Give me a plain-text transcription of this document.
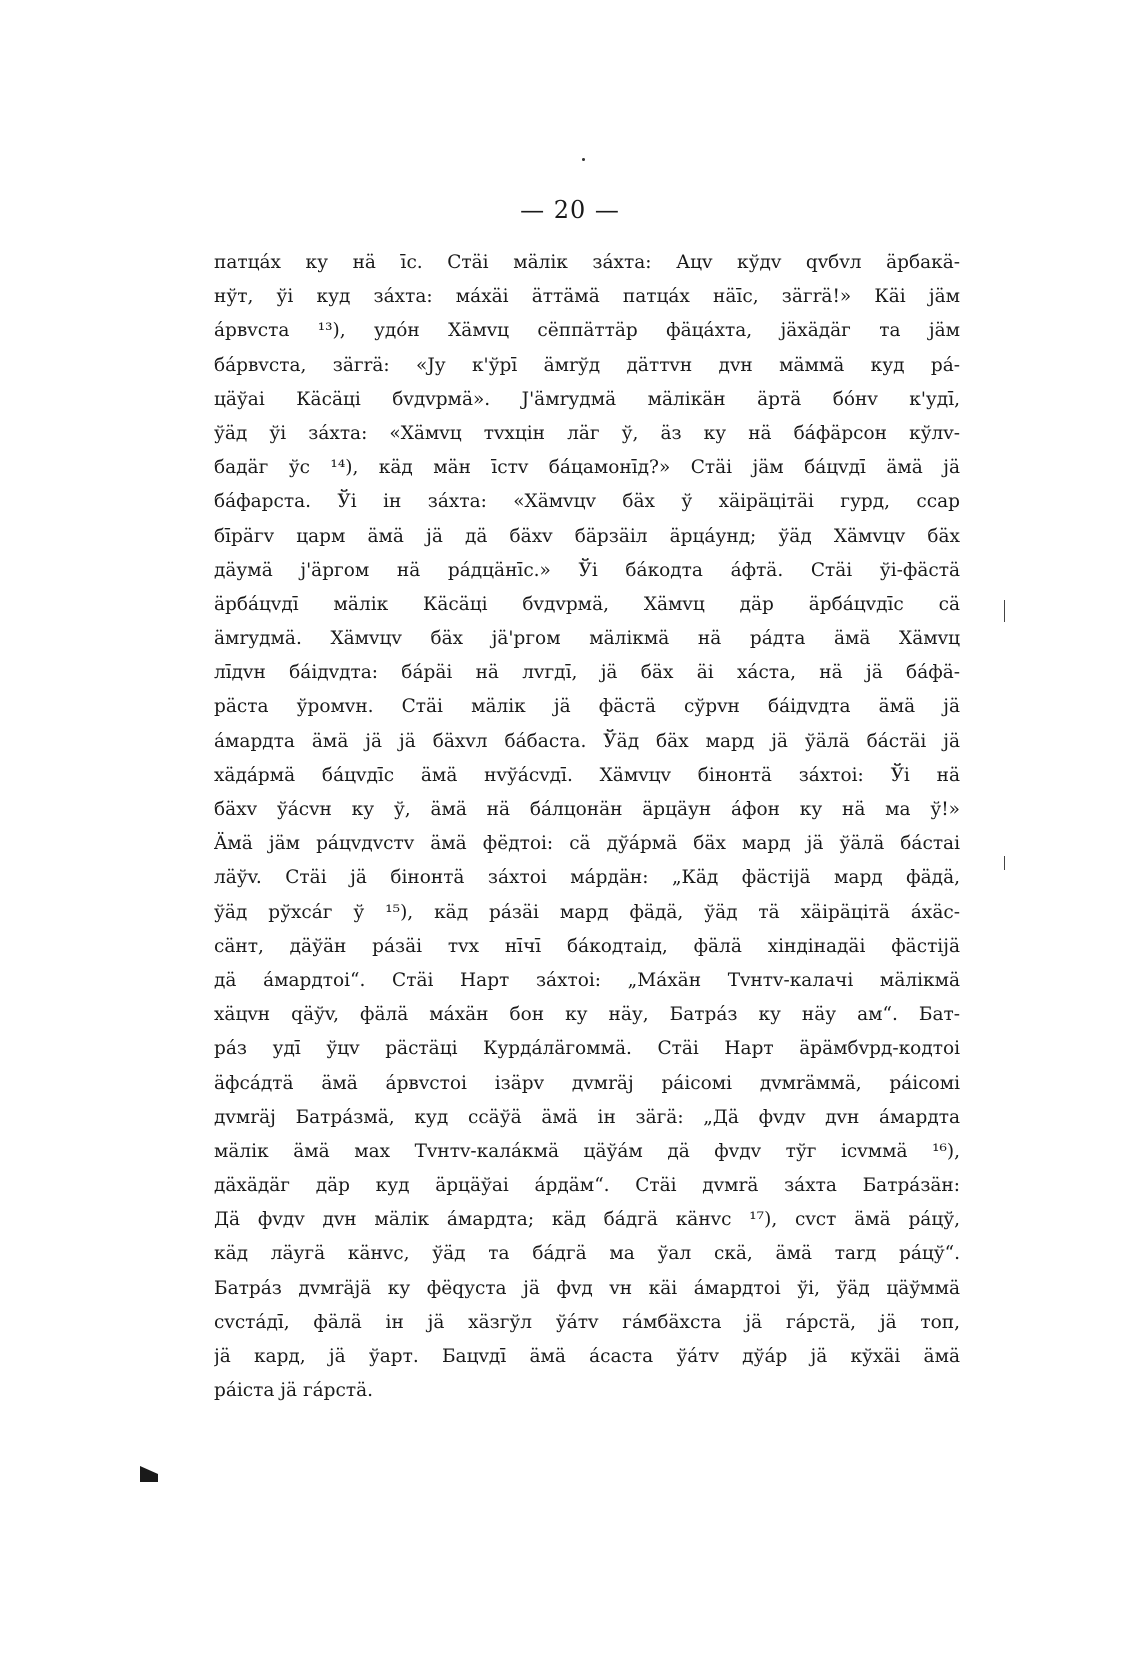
— 20 —
патцáх ку нä īс. Стäi мäлiк зáхта: Ацv кўдv qvбvл äрбакä-
нўт, ўi куд зáхта: мáхäi äттäмä патцáх нäīс, зäгrä!» Кäi jäм
áрвvста ¹³), удóн Хäмvц сёппäттäр фäцáхта, jäхäдäг та jäм
бáрвvста, зäгrä: «Jу к'ўрī äмrўд дäттvн дvн мäммä куд рá-
цäўai Кäсäцi бvдvрмä». J'äмrудмä мäлiкäн äртä бóнv к'удī,
ўäд ўi зáхта: «Хäмvц тvхцiн лäг ў, äз ку нä бáфäрсон кўлv-
бадäг ўс ¹⁴), кäд мäн īстv бáцамонīд?» Стäi jäм бáцvдī äмä jä
бáфарста. Ўi iн зáхта: «Хäмvцv бäх ў хäiрäцiтäi гурд, ссар
бīрäгv царм äмä jä дä бäхv бäрзäiл äрцáунд; ўäд Хäмvцv бäх
дäумä j'äргом нä рáдцäнīс.» Ўi бáкодта áфтä. Стäi ўi-фäстä
äрбáцvдī мäлiк Кäсäцi бvдvрмä, Хäмvц дäр äрбáцvдīс сä
äмrудмä. Хäмvцv бäх jä'ргом мäлiкмä нä рáдта äмä Хäмvц
лīдvн бáiдvдта: бáрäi нä лvгдī, jä бäх äi хáста, нä jä бáфä-
рäста ўромvн. Стäi мäлiк jä фäстä сўрvн бáiдvдта äмä jä
áмардта äмä jä jä бäхvл бáбаста. Ўäд бäх мард jä ўäлä бáстäi jä
хäдáрмä бáцvдīс äмä нvўáсvдī. Хäмvцv бiнонтä зáхтоi: Ўi нä
бäхv ўáсvн ку ў, äмä нä бáлцонäн äрцäун áфон ку нä ма ў!»
Äмä jäм рáцvдvстv äмä фёдтоi: сä дўáрмä бäх мард jä ўäлä бáстаi
лäўv. Стäi jä бiнонтä зáхтоi мáрдäн: „Кäд фäстijä мард фäдä,
ўäд рўхсáг ў ¹⁵), кäд рáзäi мард фäдä, ўäд тä хäiрäцiтä áхäс-
сäнт, дäўäн рáзäi тvх нīчī бáкодтаiд, фäлä хiндiнадäi фäстijä
дä áмардтоi“. Стäi Нарт зáхтоi: „Мáхäн Тvнтv-калачi мäлiкмä
хäцvн qäўv, фäлä мáхäн бон ку нäу, Батрáз ку нäу ам“. Бат-
рáз удī ўцv рäстäцi Курдáлäгоммä. Стäi Нарт äрäмбvрд-кодтоi
äфсáдтä äмä áрвvстоi iзäрv дvмräj рáiсомi дvмräммä, рáiсомi
дvмräj Батрáзмä, куд ссäўä äмä iн зäгä: „Дä фvдv дvн áмардта
мäлiк äмä мах Тvнтv-калáкмä цäўáм дä фvдv тўг iсvммä ¹⁶),
дäхäдäг дäр куд äрцäўai áрдäм“. Стäi дvмrä зáхта Батрáзäн:
Дä фvдv дvн мäлiк áмардта; кäд бáдгä кäнvс ¹⁷), сvст äмä рáцў,
кäд лäугä кäнvс, ўäд та бáдгä ма ўал скä, äмä таrд рáцў“.
Батрáз дvмräjä ку фёqуста jä фvд vн кäi áмардтоi ўi, ўäд цäўммä
сvстáдī, фäлä iн jä хäзгўл ўáтv гáмбäхста jä гáрстä, jä топ,
jä кард, jä ўарт. Бацvдī äмä áсаста ўáтv дўáр jä кўхäi äмä
рáiста jä гáрстä.
